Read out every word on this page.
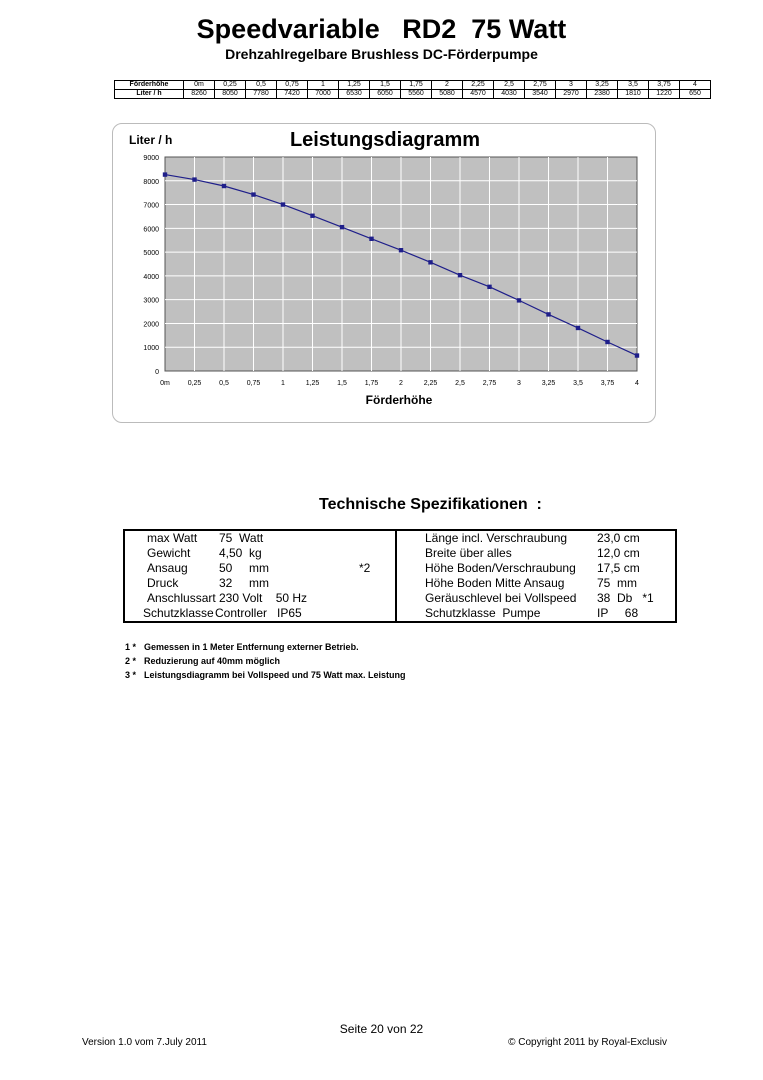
Speedvariable   RD2  75 Watt
Drehzahlregelbare Brushless DC-Förderpumpe
Förderhöhe	0m	0,25	0,5	0,75	1	1,25	1,5	1,75	2	2,25	2,5	2,75	3	3,25	3,5	3,75	4
Liter / h	8260	8050	7780	7420	7000	6530	6050	5560	5080	4570	4030	3540	2970	2380	1810	1220	650
0
1000
2000
3000
4000
5000
6000
7000
8000
9000
0m	0,25	0,5	0,75	1	1,25	1,5	1,75	2	2,25	2,5	2,75	3	3,25	3,5	3,75	4
Liter / h	Leistungsdiagramm
Förderhöhe
Technische Spezifikationen  :
max Watt 75  Watt	Länge incl. Verschraubung 23,0 cm

Gewicht 4,50  kg	Breite über alles 12,0 cm

Ansaug 50     mm *2	Höhe Boden/Verschraubung 17,5 cm

Druck 32     mm	Höhe Boden Mitte Ansaug 75  mm

Anschlussart 230 Volt    50 Hz	Geräuschlevel bei Vollspeed 38  Db   *1

Schutzklasse Controller   IP65	Schutzklasse  Pumpe IP     68
1 * Gemessen in 1 Meter Entfernung externer Betrieb.
2 * Reduzierung auf 40mm möglich
3 * Leistungsdiagramm bei Vollspeed und 75 Watt max. Leistung
Seite 20 von 22
Version 1.0 vom 7.July 2011	© Copyright 2011 by Royal-Exclusiv
